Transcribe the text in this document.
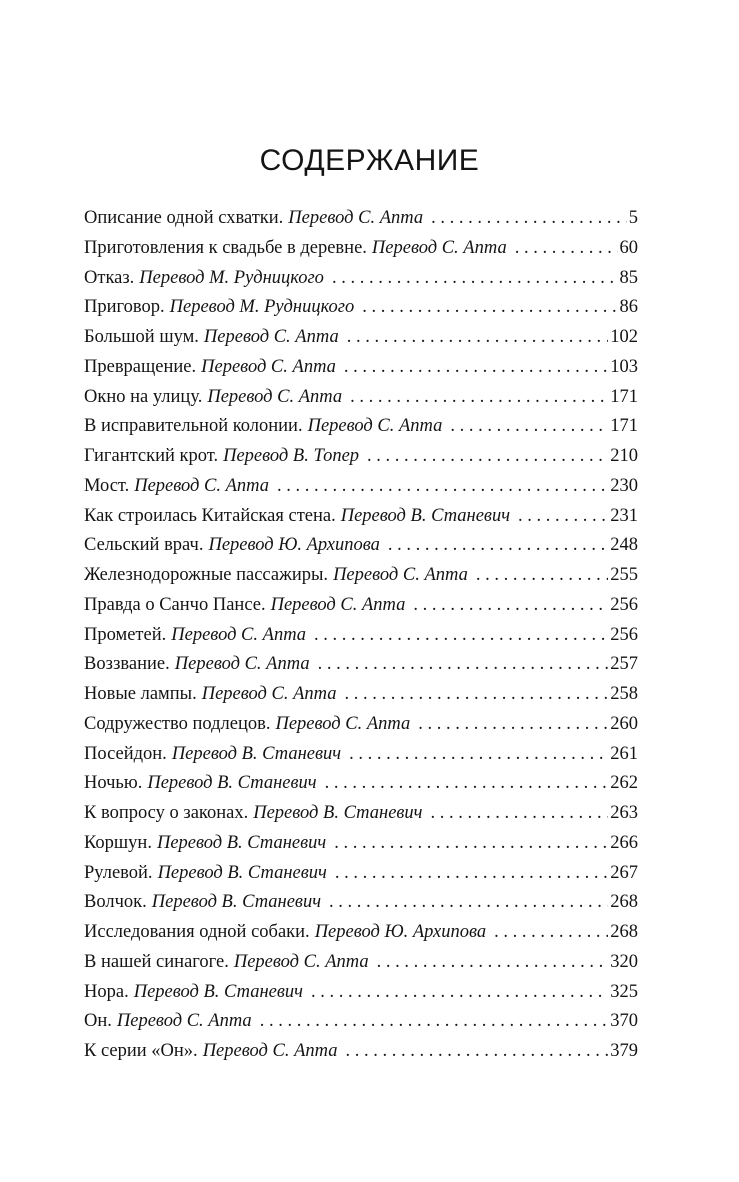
СОДЕРЖАНИЕ
Описание одной схватки. Перевод С. Апта . . .	5
Приготовления к свадьбе в деревне. Перевод С. Апта . . .	60
Отказ. Перевод М. Рудницкого . . .	85
Приговор. Перевод М. Рудницкого . . .	86
Большой шум. Перевод С. Апта . . .	102
Превращение. Перевод С. Апта . . .	103
Окно на улицу. Перевод С. Апта . . .	171
В исправительной колонии. Перевод С. Апта . . .	171
Гигантский крот. Перевод В. Топер . . .	210
Мост. Перевод С. Апта . . .	230
Как строилась Китайская стена. Перевод В. Станевич . . .	231
Сельский врач. Перевод Ю. Архипова . . .	248
Железнодорожные пассажиры. Перевод С. Апта . . .	255
Правда о Санчо Пансе. Перевод С. Апта . . .	256
Прометей. Перевод С. Апта . . .	256
Воззвание. Перевод С. Апта . . .	257
Новые лампы. Перевод С. Апта . . .	258
Содружество подлецов. Перевод С. Апта . . .	260
Посейдон. Перевод В. Станевич . . .	261
Ночью. Перевод В. Станевич . . .	262
К вопросу о законах. Перевод В. Станевич . . .	263
Коршун. Перевод В. Станевич . . .	266
Рулевой. Перевод В. Станевич . . .	267
Волчок. Перевод В. Станевич . . .	268
Исследования одной собаки. Перевод Ю. Архипова . . .	268
В нашей синагоге. Перевод С. Апта . . .	320
Нора. Перевод В. Станевич . . .	325
Он. Перевод С. Апта . . .	370
К серии «Он». Перевод С. Апта . . .	379
